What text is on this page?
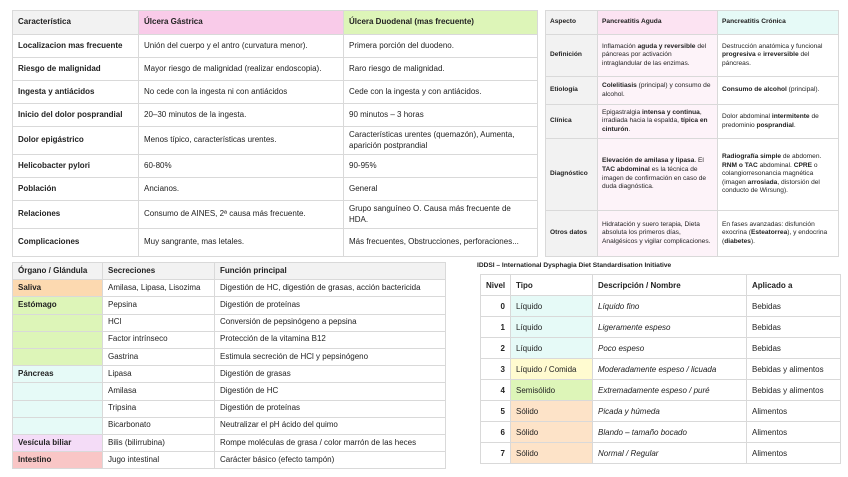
Característica	Úlcera Gástrica	Úlcera Duodenal (mas frecuente)
Localizacion mas frecuente	Unión del cuerpo y el antro (curvatura menor).	Primera porción del duodeno.
Riesgo de malignidad	Mayor riesgo de malignidad (realizar endoscopia).	Raro riesgo de malignidad.
Ingesta y antiácidos	No cede con la ingesta ni con antiácidos	Cede con la ingesta y con antiácidos.
Inicio del dolor posprandial	20–30 minutos de la ingesta.	90 minutos – 3 horas
Dolor epigástrico	Menos típico, características urentes.	Características urentes (quemazón), Aumenta, aparición postprandial
Helicobacter pylori	60-80%	90-95%
Población	Ancianos.	General
Relaciones	Consumo de AINES, 2ª causa más frecuente.	Grupo sanguíneo O. Causa más frecuente de HDA.
Complicaciones	Muy sangrante, mas letales.	Más frecuentes, Obstrucciones, perforaciones...
Aspecto	Pancreatitis Aguda	Pancreatitis Crónica
Definición	Inflamación aguda y reversible del páncreas por activación intraglandular de las enzimas.	Destrucción anatómica y funcional progresiva e irreversible del páncreas.
Etiología	Colelitiasis (principal) y consumo de alcohol.	Consumo de alcohol (principal).
Clínica	Epigastralgia intensa y continua, irradiada hacia la espalda, típica en cinturón.	Dolor abdominal intermitente de predominio posprandial.
Diagnóstico	Elevación de amilasa y lipasa. El TAC abdominal es la técnica de imagen de confirmación en caso de duda diagnóstica.	Radiografía simple de abdomen. RNM o TAC abdominal. CPRE o colangiorresonancia magnética (imagen arrosiada, distorsión del conducto de Wirsung).
Otros datos	Hidratación y suero terapia, Dieta absoluta los primeros días, Analgésicos y vigilar complicaciones.	En fases avanzadas: disfunción exocrina (Esteatorrea), y endocrina (diabetes).
Órgano / Glándula	Secreciones	Función principal
Saliva	Amilasa, Lipasa, Lisozima	Digestión de HC, digestión de grasas, acción bactericida
Estómago	Pepsina	Digestión de proteínas
	HCl	Conversión de pepsinógeno a pepsina
	Factor intrínseco	Protección de la vitamina B12
	Gastrina	Estimula secreción de HCl y pepsinógeno
Páncreas	Lipasa	Digestión de grasas
	Amilasa	Digestión de HC
	Tripsina	Digestión de proteínas
	Bicarbonato	Neutralizar el pH ácido del quimo
Vesícula biliar	Bilis (bilirrubina)	Rompe moléculas de grasa / color marrón de las heces
Intestino	Jugo intestinal	Carácter básico (efecto tampón)
IDDSI – International Dysphagia Diet Standardisation Initiative
Nivel	Tipo	Descripción / Nombre	Aplicado a
0	Líquido	Líquido fino	Bebidas
1	Líquido	Ligeramente espeso	Bebidas
2	Líquido	Poco espeso	Bebidas
3	Líquido / Comida	Moderadamente espeso / licuada	Bebidas y alimentos
4	Semisólido	Extremadamente espeso / puré	Bebidas y alimentos
5	Sólido	Picada y húmeda	Alimentos
6	Sólido	Blando – tamaño bocado	Alimentos
7	Sólido	Normal / Regular	Alimentos
